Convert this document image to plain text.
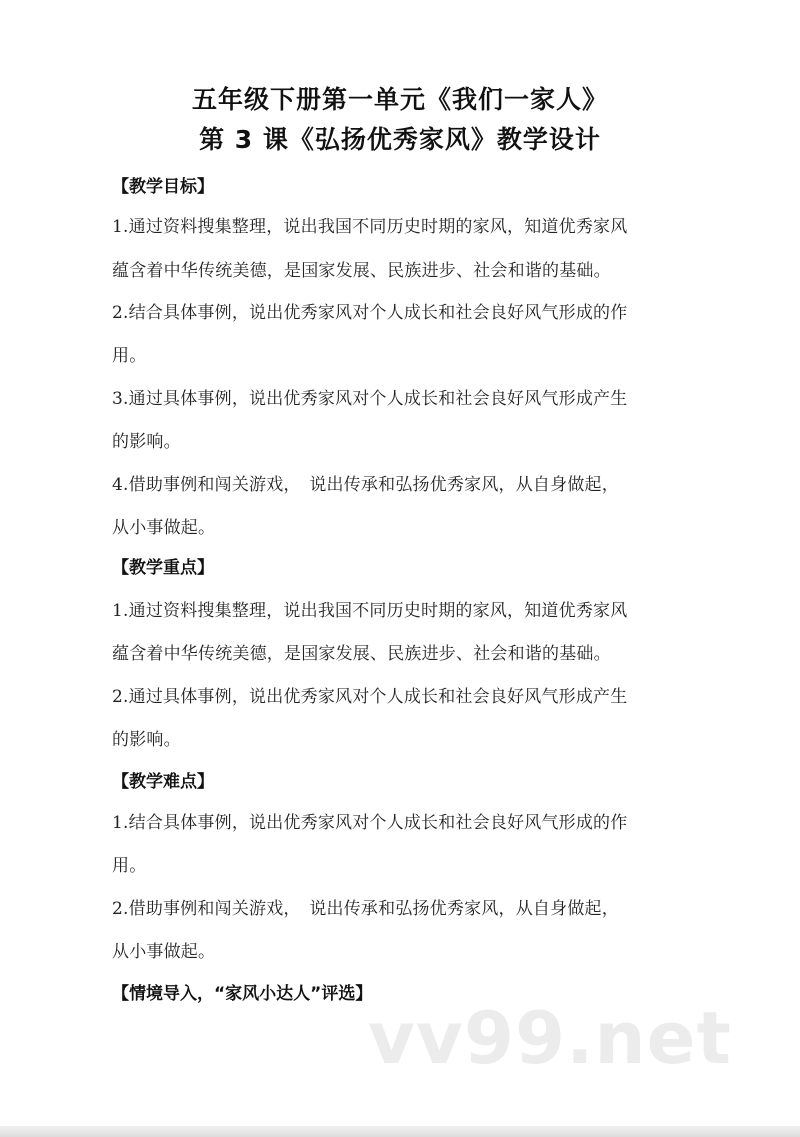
五年级下册第一单元《我们一家人》
第 3 课《弘扬优秀家风》教学设计
【教学目标】
1.通过资料搜集整理，说出我国不同历史时期的家风，知道优秀家风
蕴含着中华传统美德，是国家发展、民族进步、社会和谐的基础。
2.结合具体事例，说出优秀家风对个人成长和社会良好风气形成的作
用。
3.通过具体事例，说出优秀家风对个人成长和社会良好风气形成产生
的影响。
4.借助事例和闯关游戏，　说出传承和弘扬优秀家风，从自身做起，
从小事做起。
【教学重点】
1.通过资料搜集整理，说出我国不同历史时期的家风，知道优秀家风
蕴含着中华传统美德，是国家发展、民族进步、社会和谐的基础。
2.通过具体事例，说出优秀家风对个人成长和社会良好风气形成产生
的影响。
【教学难点】
1.结合具体事例，说出优秀家风对个人成长和社会良好风气形成的作
用。
2.借助事例和闯关游戏，　说出传承和弘扬优秀家风，从自身做起，
从小事做起。
【情境导入，“家风小达人”评选】
vv99.net
